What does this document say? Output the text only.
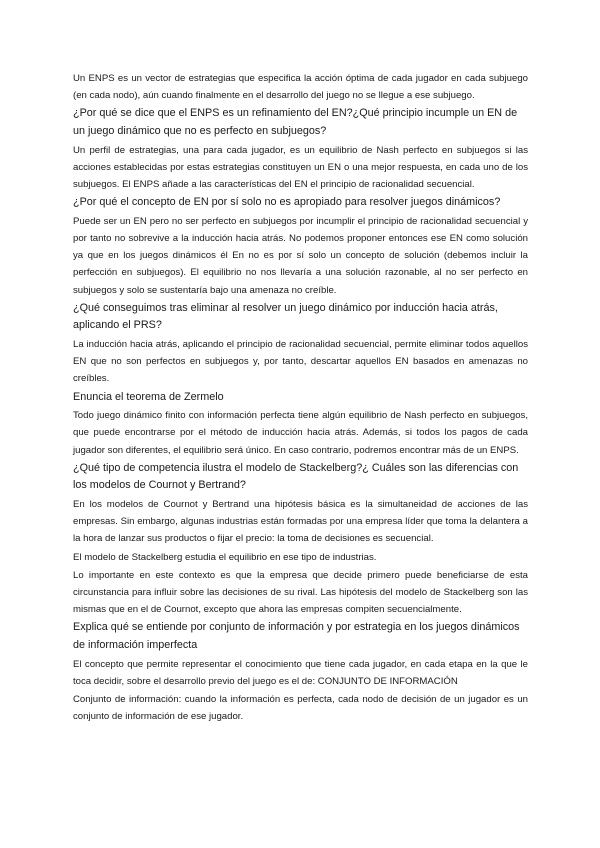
Un ENPS es un vector de estrategias que especifica la acción óptima de cada jugador en cada subjuego (en cada nodo), aún cuando finalmente en el desarrollo del juego no se llegue a ese subjuego.

¿Por qué se dice que el ENPS es un refinamiento del EN?¿Qué principio incumple un EN de un juego dinámico que no es perfecto en subjuegos?

Un perfil de estrategias, una para cada jugador, es un equilibrio de Nash perfecto en subjuegos si las acciones establecidas por estas estrategias constituyen un EN o una mejor respuesta, en cada uno de los subjuegos. El ENPS añade a las características del EN el principio de racionalidad secuencial.

¿Por qué el concepto de EN por sí solo no es apropiado para resolver juegos dinámicos?

Puede ser un EN pero no ser perfecto en subjuegos por incumplir el principio de racionalidad secuencial y por tanto no sobrevive a la inducción hacia atrás. No podemos proponer entonces ese EN como solución ya que en los juegos dinámicos él En no es por sí solo un concepto de solución (debemos incluir la perfección en subjuegos). El equilibrio no nos llevaría a una solución razonable, al no ser perfecto en subjuegos y solo se sustentaría bajo una amenaza no creíble.

¿Qué conseguimos tras eliminar al resolver un juego dinámico por inducción hacia atrás, aplicando el PRS?

La inducción hacia atrás, aplicando el principio de racionalidad secuencial, permite eliminar todos aquellos EN que no son perfectos en subjuegos y, por tanto, descartar aquellos EN basados en amenazas no creíbles.

Enuncia el teorema de Zermelo

Todo juego dinámico finito con información perfecta tiene algún equilibrio de Nash perfecto en subjuegos, que puede encontrarse por el método de inducción hacia atrás. Además, si todos los pagos de cada jugador son diferentes, el equilibrio será único. En caso contrario, podremos encontrar más de un ENPS.

¿Qué tipo de competencia ilustra el modelo de Stackelberg?¿ Cuáles son las diferencias con los modelos de Cournot y Bertrand?

En los modelos de Cournot y Bertrand una hipótesis básica es la simultaneidad de acciones de las empresas. Sin embargo, algunas industrias están formadas por una empresa líder que toma la delantera a la hora de lanzar sus productos o fijar el precio: la toma de decisiones es secuencial.

El modelo de Stackelberg estudia el equilibrio en ese tipo de industrias.

Lo importante en este contexto es que la empresa que decide primero puede beneficiarse de esta circunstancia para influir sobre las decisiones de su rival. Las hipótesis del modelo de Stackelberg son las mismas que en el de Cournot, excepto que ahora las empresas compiten secuencialmente.

Explica qué se entiende por conjunto de información y por estrategia en los juegos dinámicos de información imperfecta

El concepto que permite representar el conocimiento que tiene cada jugador, en cada etapa en la que le toca decidir, sobre el desarrollo previo del juego es el de: CONJUNTO DE INFORMACIÓN

Conjunto de información: cuando la información es perfecta, cada nodo de decisión de un jugador es un conjunto de información de ese jugador.
